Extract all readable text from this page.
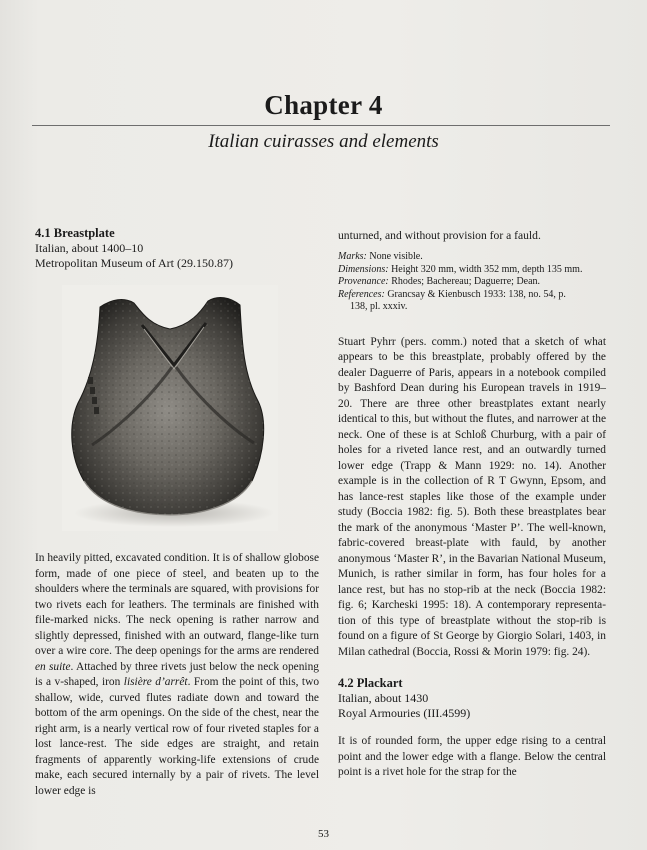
Chapter 4
Italian cuirasses and elements
4.1 Breastplate
Italian, about 1400–10
Metropolitan Museum of Art (29.150.87)

In heavily pitted, excavated condition. It is of shallow globose form, made of one piece of steel, and beaten up to the shoulders where the terminals are squared, with provisions for two rivets each for leathers. The terminals are finished with file-marked nicks. The neck opening is rather narrow and slightly depressed, finished with an outward, flange-like turn over a wire core. The deep openings for the arms are rendered en suite. Attached by three rivets just below the neck opening is a v-shaped, iron lisière d’arrêt. From the point of this, two shallow, wide, curved flutes radiate down and toward the bottom of the arm openings. On the side of the chest, near the right arm, is a nearly vertical row of four riveted staples for a lost lance-rest. The side edges are straight, and retain fragments of apparently working-life extensions of crude make, each secured internally by a pair of rivets. The level lower edge is

unturned, and without provision for a fauld.
Marks: None visible.
Dimensions: Height 320 mm, width 352 mm, depth 135 mm.
Provenance: Rhodes; Bachereau; Daguerre; Dean.
References: Grancsay & Kienbusch 1933: 138, no. 54, p.
138, pl. xxxiv.

Stuart Pyhrr (pers. comm.) noted that a sketch of what appears to be this breastplate, probably offered by the dealer Daguerre of Paris, appears in a notebook compiled by Bashford Dean during his European travels in 1919–20. There are three other breastplates extant nearly identical to this, but without the flutes, and narrower at the neck. One of these is at Schloß Churburg, with a pair of holes for a riveted lance rest, and an outwardly turned lower edge (Trapp & Mann 1929: no. 14). Another example is in the collection of R T Gwynn, Epsom, and has lance-rest staples like those of the example under study (Boccia 1982: fig. 5). Both these breastplates bear the mark of the anonymous ‘Master P’. The well-known, fabric-covered breast-plate with fauld, by another anonymous ‘Master R’, in the Bavarian National Museum, Munich, is rather similar in form, has four holes for a lance rest, but has no stop-rib at the neck (Boccia 1982: fig. 6; Karcheski 1995: 18). A contemporary representa-tion of this type of breastplate without the stop-rib is found on a figure of St George by Giorgio Solari, 1403, in Milan cathedral (Boccia, Rossi & Morin 1979: fig. 24).

4.2 Plackart
Italian, about 1430
Royal Armouries (III.4599)

It is of rounded form, the upper edge rising to a central point and the lower edge with a flange. Below the central point is a rivet hole for the strap for the

53
